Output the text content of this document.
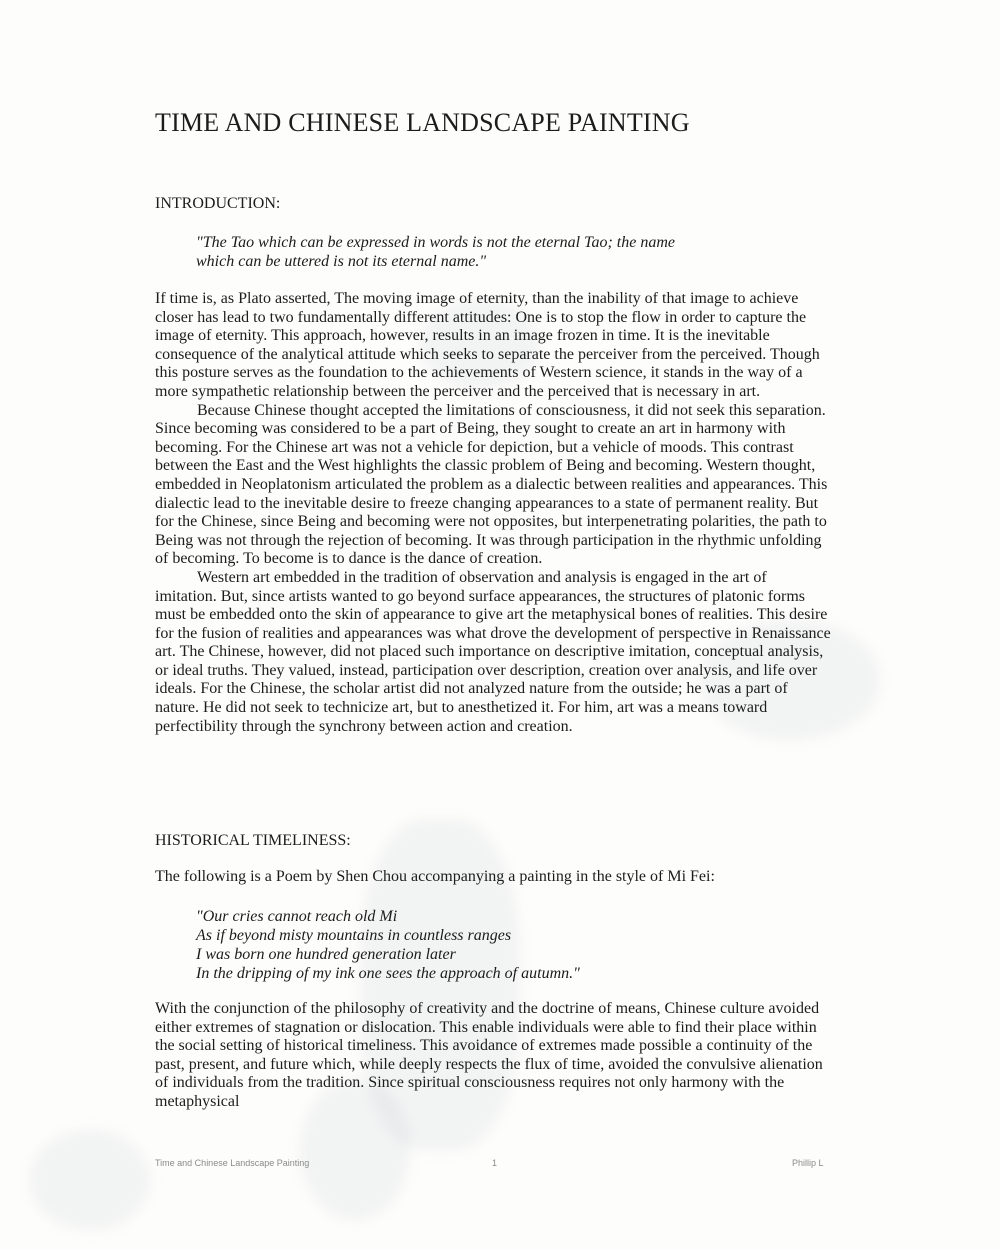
TIME AND CHINESE LANDSCAPE PAINTING
INTRODUCTION:

"The Tao which can be expressed in words is not the eternal Tao; the name
which can be uttered is not its eternal name."

If time is, as Plato asserted, The moving image of eternity, than the inability of that image to achieve closer has lead to two fundamentally different attitudes: One is to stop the flow in order to capture the image of eternity. This approach, however, results in an image frozen in time. It is the inevitable consequence of the analytical attitude which seeks to separate the perceiver from the perceived. Though this posture serves as the foundation to the achievements of Western science, it stands in the way of a more sympathetic relationship between the perceiver and the perceived that is necessary in art.

Because Chinese thought accepted the limitations of consciousness, it did not seek this separation. Since becoming was considered to be a part of Being, they sought to create an art in harmony with becoming. For the Chinese art was not a vehicle for depiction, but a vehicle of moods. This contrast between the East and the West highlights the classic problem of Being and becoming. Western thought, embedded in Neoplatonism articulated the problem as a dialectic between realities and appearances. This dialectic lead to the inevitable desire to freeze changing appearances to a state of permanent reality. But for the Chinese, since Being and becoming were not opposites, but interpenetrating polarities, the path to Being was not through the rejection of becoming. It was through participation in the rhythmic unfolding of becoming. To become is to dance is the dance of creation.

Western art embedded in the tradition of observation and analysis is engaged in the art of imitation. But, since artists wanted to go beyond surface appearances, the structures of platonic forms must be embedded onto the skin of appearance to give art the metaphysical bones of realities. This desire for the fusion of realities and appearances was what drove the development of perspective in Renaissance art. The Chinese, however, did not placed such importance on descriptive imitation, conceptual analysis, or ideal truths. They valued, instead, participation over description, creation over analysis, and life over ideals. For the Chinese, the scholar artist did not analyzed nature from the outside; he was a part of nature. He did not seek to technicize art, but to anesthetized it. For him, art was a means toward perfectibility through the synchrony between action and creation.

HISTORICAL TIMELINESS:

The following is a Poem by Shen Chou accompanying a painting in the style of Mi Fei:

"Our cries cannot reach old Mi
As if beyond misty mountains in countless ranges
I was born one hundred generation later
In the dripping of my ink one sees the approach of autumn."

With the conjunction of the philosophy of creativity and the doctrine of means, Chinese culture avoided either extremes of stagnation or dislocation. This enable individuals were able to find their place within the social setting of historical timeliness. This avoidance of extremes made possible a continuity of the past, present, and future which, while deeply respects the flux of time, avoided the convulsive alienation of individuals from the tradition. Since spiritual consciousness requires not only harmony with the metaphysical

Time and Chinese Landscape Painting	1	Phillip L
